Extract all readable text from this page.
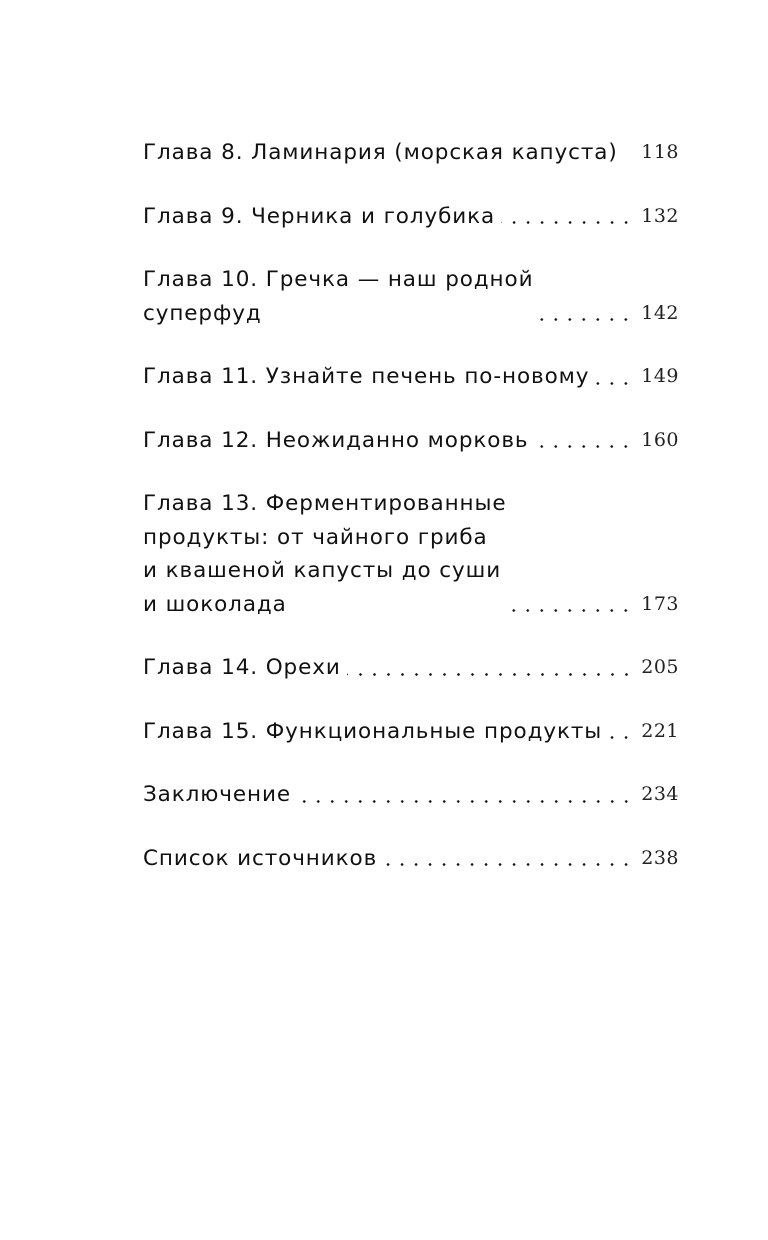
Глава 8. Ламинария (морская капуста) 118
Глава 9. Черника и голубика	132
Глава 10. Гречка — наш родной
суперфуд	142
Глава 11. Узнайте печень по-новому	149
Глава 12. Неожиданно морковь	160
Глава 13. Ферментированные
продукты: от чайного гриба
и квашеной капусты до суши
и шоколада	173
Глава 14. Орехи	205
Глава 15. Функциональные продукты 221
Заключение	234
Список источников	238
